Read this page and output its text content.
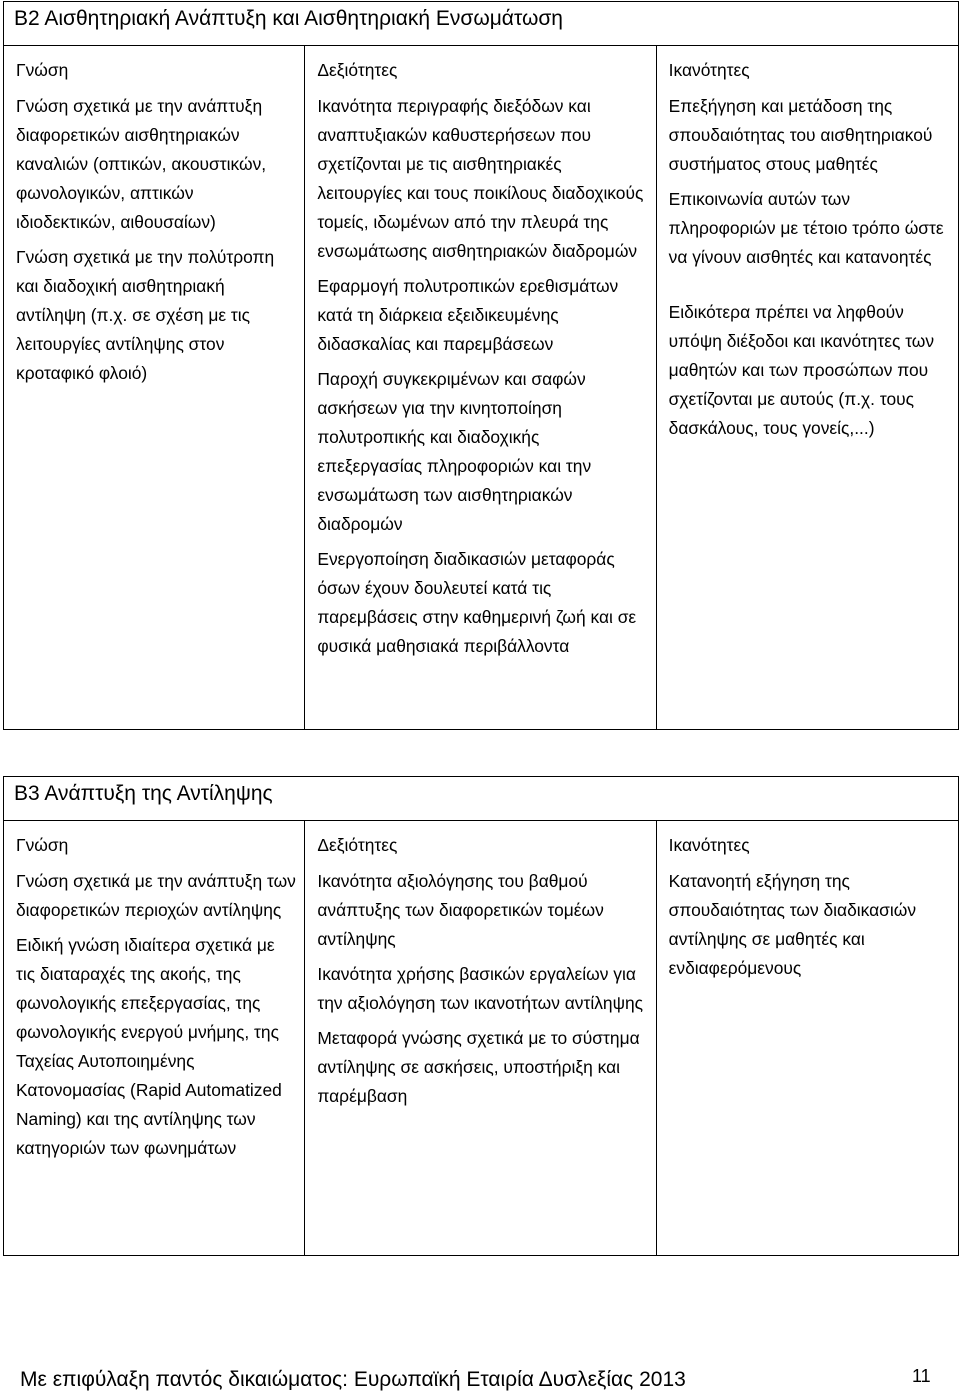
Β2 Αισθητηριακή Ανάπτυξη και Αισθητηριακή Ενσωμάτωση
Γνώση
Γνώση σχετικά με την ανάπτυξη διαφορετικών αισθητηριακών καναλιών (οπτικών, ακουστικών, φωνολογικών, απτικών ιδιοδεκτικών, αιθουσαίων)
Γνώση σχετικά με την πολύτροπη και διαδοχική αισθητηριακή αντίληψη (π.χ. σε σχέση με τις λειτουργίες αντίληψης στον κροταφικό φλοιό)
Δεξιότητες
Ικανότητα περιγραφής διεξόδων και αναπτυξιακών καθυστερήσεων που σχετίζονται με τις αισθητηριακές λειτουργίες και τους ποικίλους διαδοχικούς τομείς, ιδωμένων από την πλευρά της ενσωμάτωσης αισθητηριακών διαδρομών
Εφαρμογή πολυτροπικών ερεθισμάτων κατά τη διάρκεια εξειδικευμένης διδασκαλίας και παρεμβάσεων
Παροχή συγκεκριμένων και σαφών ασκήσεων για την κινητοποίηση πολυτροπικής και διαδοχικής επεξεργασίας πληροφοριών και την ενσωμάτωση των αισθητηριακών διαδρομών
Ενεργοποίηση διαδικασιών μεταφοράς όσων έχουν δουλευτεί κατά τις παρεμβάσεις στην καθημερινή ζωή και σε φυσικά μαθησιακά περιβάλλοντα
Ικανότητες
Επεξήγηση και μετάδοση της σπουδαιότητας του αισθητηριακού συστήματος στους μαθητές
Επικοινωνία αυτών των πληροφοριών με τέτοιο τρόπο ώστε να γίνουν αισθητές και κατανοητές
Ειδικότερα πρέπει να ληφθούν υπόψη διέξοδοι και ικανότητες των μαθητών και των προσώπων που σχετίζονται με αυτούς (π.χ. τους δασκάλους, τους γονείς,...)
Β3 Ανάπτυξη της Αντίληψης
Γνώση
Γνώση σχετικά με την ανάπτυξη των διαφορετικών περιοχών αντίληψης
Ειδική γνώση ιδιαίτερα σχετικά με τις διαταραχές της ακοής, της φωνολογικής επεξεργασίας, της φωνολογικής ενεργού μνήμης, της Ταχείας Αυτοποιημένης Κατονομασίας (Rapid Automatized Naming) και της αντίληψης των κατηγοριών των φωνημάτων
Δεξιότητες
Ικανότητα αξιολόγησης του βαθμού ανάπτυξης των διαφορετικών τομέων αντίληψης
Ικανότητα χρήσης βασικών εργαλείων για την αξιολόγηση των ικανοτήτων αντίληψης
Μεταφορά γνώσης σχετικά με το σύστημα αντίληψης σε ασκήσεις, υποστήριξη και παρέμβαση
Ικανότητες
Κατανοητή εξήγηση της σπουδαιότητας των διαδικασιών αντίληψης σε μαθητές και ενδιαφερόμενους
Με επιφύλαξη παντός δικαιώματος: Ευρωπαϊκή Εταιρία Δυσλεξίας 2013	11
